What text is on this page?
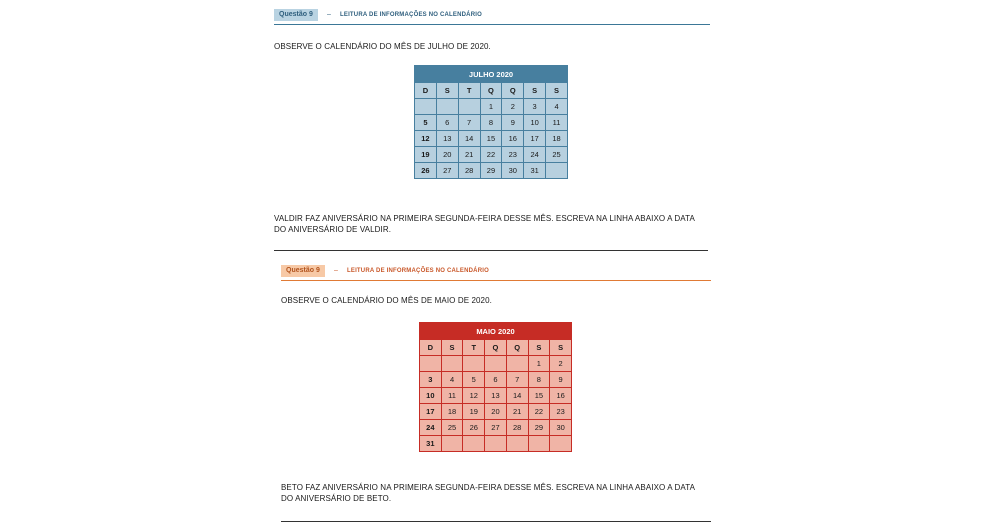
Questão 9	– LEITURA DE INFORMAÇÕES NO CALENDÁRIO
OBSERVE O CALENDÁRIO DO MÊS DE JULHO DE 2020.
JULHO 2020						
D	S	T	Q	Q	S	S
			1	2	3	4
5	6	7	8	9	10	11
12	13	14	15	16	17	18
19	20	21	22	23	24	25
26	27	28	29	30	31	
VALDIR FAZ ANIVERSÁRIO NA PRIMEIRA SEGUNDA-FEIRA DESSE MÊS. ESCREVA NA LINHA ABAIXO A DATA
DO ANIVERSÁRIO DE VALDIR.
Questão 9	– LEITURA DE INFORMAÇÕES NO CALENDÁRIO
OBSERVE O CALENDÁRIO DO MÊS DE MAIO DE 2020.
MAIO 2020						
D	S	T	Q	Q	S	S
					1	2
3	4	5	6	7	8	9
10	11	12	13	14	15	16
17	18	19	20	21	22	23
24	25	26	27	28	29	30
31						
BETO FAZ ANIVERSÁRIO NA PRIMEIRA SEGUNDA-FEIRA DESSE MÊS. ESCREVA NA LINHA ABAIXO A DATA
DO ANIVERSÁRIO DE BETO.
